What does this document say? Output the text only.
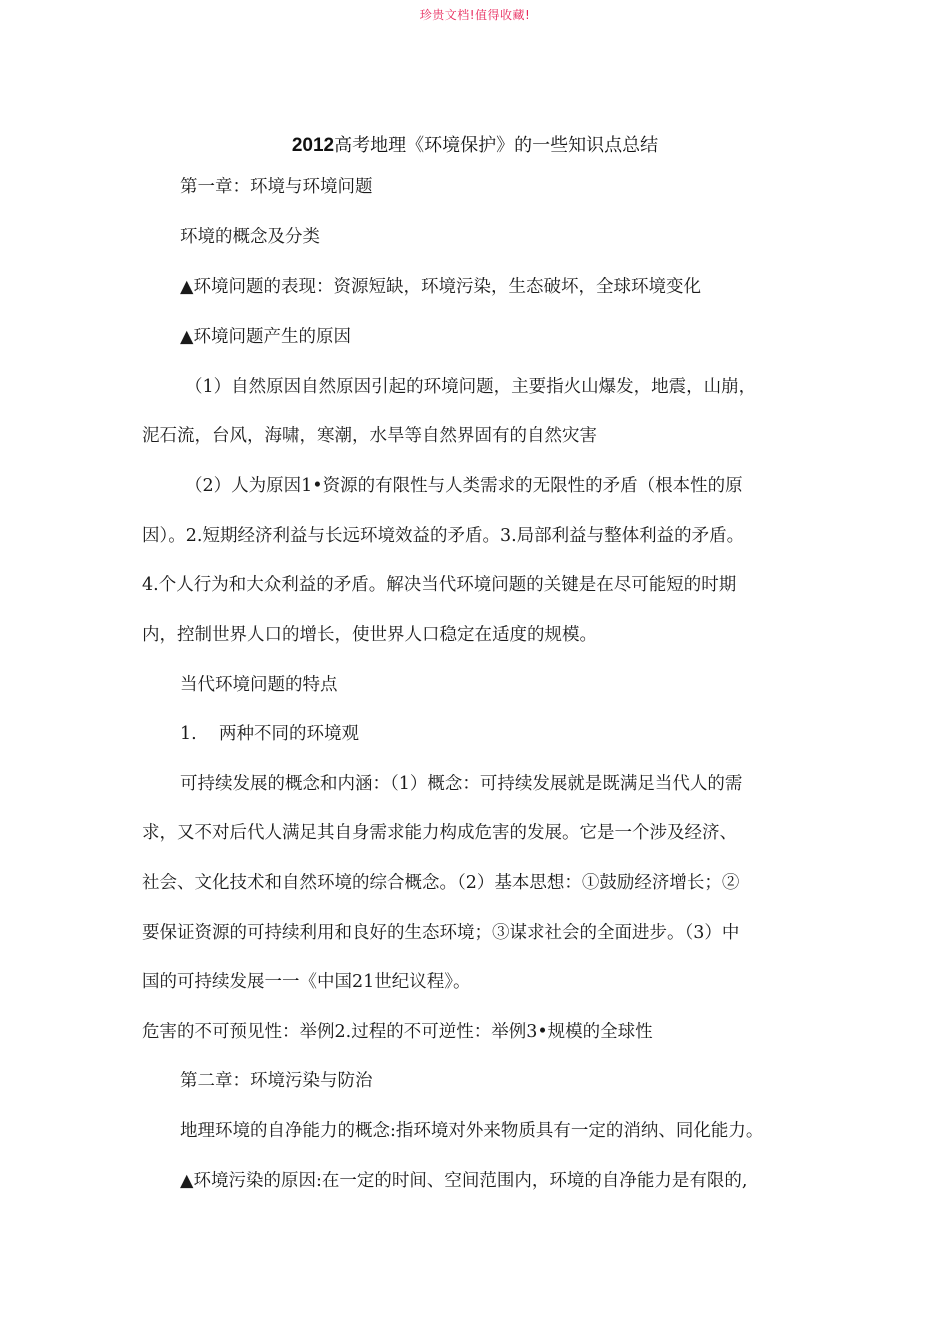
珍贵文档!值得收藏!
2012高考地理《环境保护》的一些知识点总结
第一章：环境与环境问题
环境的概念及分类
▲环境问题的表现：资源短缺，环境污染，生态破坏，全球环境变化
▲环境问题产生的原因
（1）自然原因自然原因引起的环境问题，主要指火山爆发，地震，山崩，
泥石流，台风，海啸，寒潮，水旱等自然界固有的自然灾害
（2）人为原因1•资源的有限性与人类需求的无限性的矛盾（根本性的原
因）。2.短期经济利益与长远环境效益的矛盾。3.局部利益与整体利益的矛盾。
4.个人行为和大众利益的矛盾。解决当代环境问题的关键是在尽可能短的时期
内，控制世界人口的增长，使世界人口稳定在适度的规模。
当代环境问题的特点
1.    两种不同的环境观
可持续发展的概念和内涵：（1）概念：可持续发展就是既满足当代人的需
求，又不对后代人满足其自身需求能力构成危害的发展。它是一个涉及经济、
社会、文化技术和自然环境的综合概念。（2）基本思想：①鼓励经济增长；②
要保证资源的可持续利用和良好的生态环境；③谋求社会的全面进步。（3）中
国的可持续发展一一《中国21世纪议程》。
危害的不可预见性：举例2.过程的不可逆性：举例3•规模的全球性
第二章：环境污染与防治
地理环境的自净能力的概念:指环境对外来物质具有一定的消纳、同化能力。
▲环境污染的原因:在一定的时间、空间范围内，环境的自净能力是有限的,
